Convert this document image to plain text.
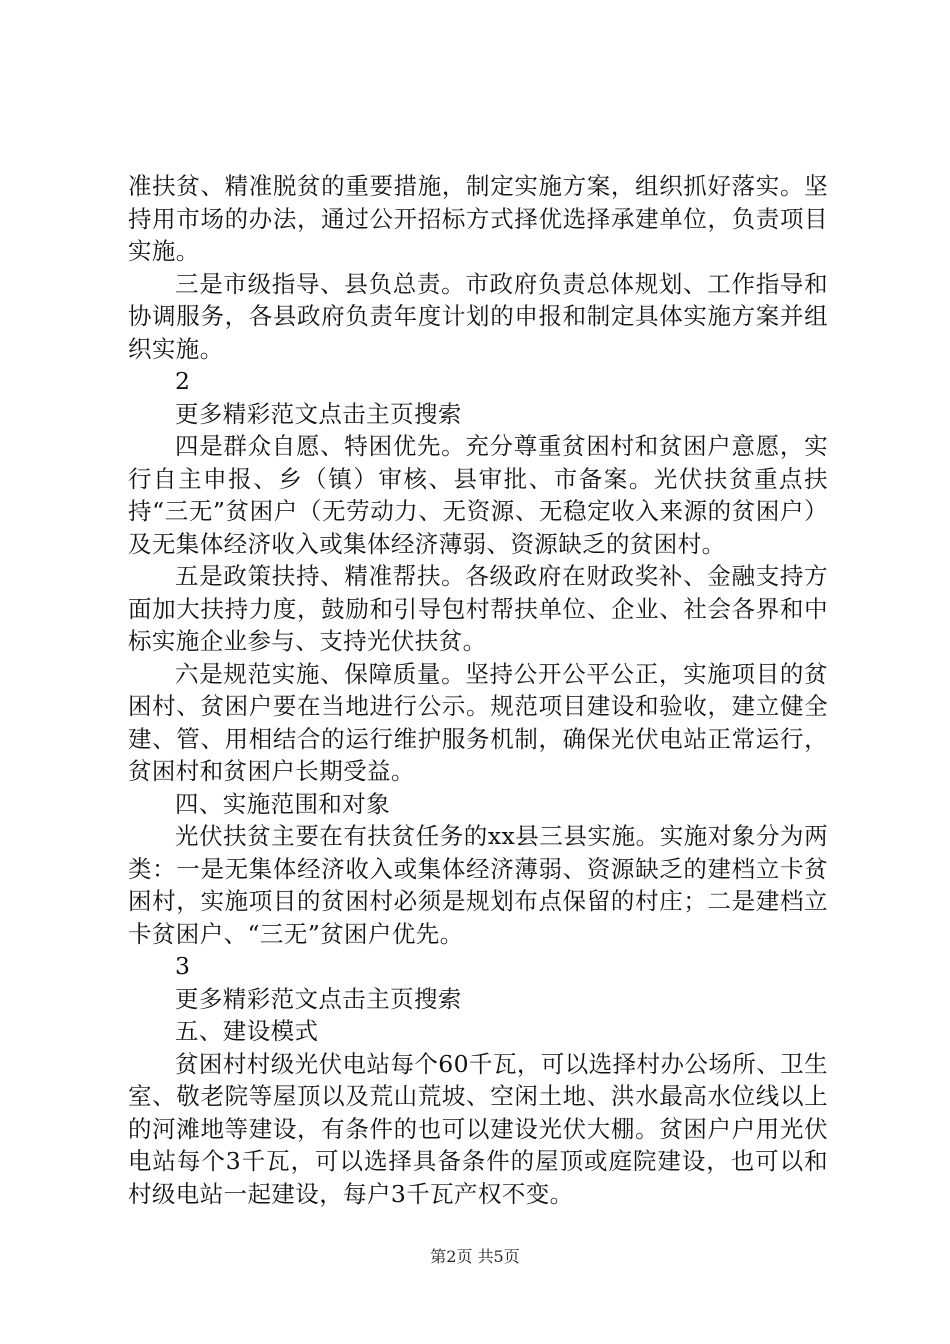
准扶贫、精准脱贫的重要措施，制定实施方案，组织抓好落实。坚持用市场的办法，通过公开招标方式择优选择承建单位，负责项目实施。

三是市级指导、县负总责。市政府负责总体规划、工作指导和协调服务，各县政府负责年度计划的申报和制定具体实施方案并组织实施。

2

更多精彩范文点击主页搜索

四是群众自愿、特困优先。充分尊重贫困村和贫困户意愿，实行自主申报、乡（镇）审核、县审批、市备案。光伏扶贫重点扶持“三无”贫困户（无劳动力、无资源、无稳定收入来源的贫困户）及无集体经济收入或集体经济薄弱、资源缺乏的贫困村。

五是政策扶持、精准帮扶。各级政府在财政奖补、金融支持方面加大扶持力度，鼓励和引导包村帮扶单位、企业、社会各界和中标实施企业参与、支持光伏扶贫。

六是规范实施、保障质量。坚持公开公平公正，实施项目的贫困村、贫困户要在当地进行公示。规范项目建设和验收，建立健全建、管、用相结合的运行维护服务机制，确保光伏电站正常运行，贫困村和贫困户长期受益。

四、实施范围和对象

光伏扶贫主要在有扶贫任务的xx县三县实施。实施对象分为两类：一是无集体经济收入或集体经济薄弱、资源缺乏的建档立卡贫困村，实施项目的贫困村必须是规划布点保留的村庄；二是建档立卡贫困户、“三无”贫困户优先。

3

更多精彩范文点击主页搜索

五、建设模式

贫困村村级光伏电站每个60千瓦，可以选择村办公场所、卫生室、敬老院等屋顶以及荒山荒坡、空闲土地、洪水最高水位线以上的河滩地等建设，有条件的也可以建设光伏大棚。贫困户户用光伏电站每个3千瓦，可以选择具备条件的屋顶或庭院建设，也可以和村级电站一起建设，每户3千瓦产权不变。

第2页 共5页
